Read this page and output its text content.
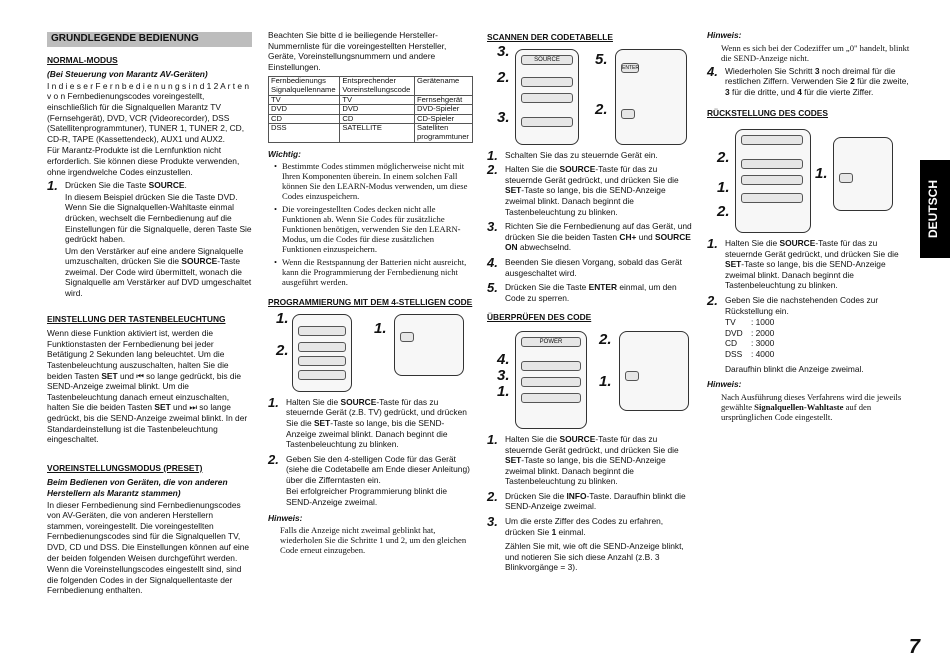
GRUNDLEGENDE BEDIENUNG
NORMAL-MODUS
(Bei Steuerung von Marantz AV-Geräten)

I n d i e s e r F e r n b e d i e n u n g s i n d 1 2 A r t e n v o n Fernbedienungscodes voreingestellt, einschließlich für die Signalquellen Marantz TV (Fernsehgerät), DVD, VCR (Videorecorder), DSS (Satellitenprogrammtuner), TUNER 1, TUNER 2, CD, CD-R, TAPE (Kassettendeck), AUX1 und AUX2.

Für Marantz-Produkte ist die Lernfunktion nicht erforderlich. Sie können diese Produkte verwenden, ohne irgendwelche Codes einzustellen.

1. Drücken Sie die Taste SOURCE.

In diesem Beispiel drücken Sie die Taste DVD. Wenn Sie die Signalquellen-Wahltaste einmal drücken, wechselt die Fernbedienung auf die Einstellungen für die Signalquelle, deren Taste Sie gedrückt haben.

Um den Verstärker auf eine andere Signalquelle umzuschalten, drücken Sie die SOURCE-Taste zweimal. Der Code wird übermittelt, wonach die Signalquelle am Verstärker auf DVD umgeschaltet wird.

EINSTELLUNG DER TASTENBELEUCHTUNG

Wenn diese Funktion aktiviert ist, werden die Funktionstasten der Fernbedienung bei jeder Betätigung 2 Sekunden lang beleuchtet. Um die Tastenbeleuchtung auszuschalten, halten Sie die beiden Tasten SET und ⏮ so lange gedrückt, bis die SEND-Anzeige zweimal blinkt. Um die Tastenbeleuchtung danach erneut einzuschalten, halten Sie die beiden Tasten SET und ⏭ so lange gedrückt, bis die SEND-Anzeige zweimal blinkt. In der Standardeinstellung ist die Tastenbeleuchtung eingeschaltet.

VOREINSTELLUNGSMODUS (PRESET)
Beim Bedienen von Geräten, die von anderen Herstellern als Marantz stammen)

In dieser Fernbedienung sind Fernbedienungscodes von AV-Geräten, die von anderen Herstellern stammen, voreingestellt. Die voreingestellten Fernbedienungscodes sind für die Signalquellen TV, DVD, CD und DSS. Die Einstellungen können auf eine der beiden folgenden Weisen durchgeführt werden.

Wenn die Voreinstellungscodes eingestellt sind, sind die folgenden Codes in der Signalquellentaste der Fernbedienung enthalten.

Beachten Sie bitte d ie beiliegende Hersteller-Nummernliste für die voreingestellten Hersteller, Geräte, Voreinstellungsnummern und andere Einstellungen.

Fernbedienungs Signalquellenname	Entsprechender Voreinstellungscode	Gerätename
TV	TV	Fernsehgerät
DVD	DVD	DVD-Spieler
CD	CD	CD-Spieler
DSS	SATELLITE	Satelliten programmtuner
Wichtig:
• Bestimmte Codes stimmen möglicherweise nicht mit Ihren Komponenten überein. In einem solchen Fall können Sie den LEARN-Modus verwenden, um diese Codes einzuspeichern.
• Die voreingestellten Codes decken nicht alle Funktionen ab. Wenn Sie Codes für zusätzliche Funktionen benötigen, verwenden Sie den LEARN-Modus, um die Codes für diese zusätzlichen Funktionen einzuspeichern.
• Wenn die Restspannung der Batterien nicht ausreicht, kann die Programmierung der Fernbedienung nicht ausgeführt werden.
PROGRAMMIERUNG MIT DEM 4-STELLIGEN CODE
1.
2.
1.
1. Halten Sie die SOURCE-Taste für das zu steuernde Gerät (z.B. TV) gedrückt, und drücken Sie die SET-Taste so lange, bis die SEND-Anzeige zweimal blinkt. Danach beginnt die Tastenbeleuchtung zu blinken.

2. Geben Sie den 4-stelligen Code für das Gerät (siehe die Codetabelle am Ende dieser Anleitung) über die Zifferntasten ein.

Bei erfolgreicher Programmierung blinkt die SEND-Anzeige zweimal.

Hinweis:

Falls die Anzeige nicht zweimal geblinkt hat, wiederholen Sie die Schritte 1 und 2, um den gleichen Code erneut einzugeben.

SCANNEN DER CODETABELLE
SOURCE
ENTER
3.
2.
3.
5.
2.
1. Schalten Sie das zu steuernde Gerät ein.

2. Halten Sie die SOURCE-Taste für das zu steuernde Gerät gedrückt, und drücken Sie die SET-Taste so lange, bis die SEND-Anzeige zweimal blinkt. Danach beginnt die Tastenbeleuchtung zu blinken.

3. Richten Sie die Fernbedienung auf das Gerät, und drücken Sie die beiden Tasten CH+ und SOURCE ON abwechselnd.

4. Beenden Sie diesen Vorgang, sobald das Gerät ausgeschaltet wird.

5. Drücken Sie die Taste ENTER einmal, um den Code zu sperren.

ÜBERPRÜFEN DES CODE
POWER
4.
3.
1.
2.
1.
1. Halten Sie die SOURCE-Taste für das zu steuernde Gerät gedrückt, und drücken Sie die SET-Taste so lange, bis die SEND-Anzeige zweimal blinkt. Danach beginnt die Tastenbeleuchtung zu blinken.

2. Drücken Sie die INFO-Taste. Daraufhin blinkt die SEND-Anzeige zweimal.

3. Um die erste Ziffer des Codes zu erfahren, drücken Sie 1 einmal.

Zählen Sie mit, wie oft die SEND-Anzeige blinkt, und notieren Sie sich diese Anzahl (z.B. 3 Blinkvorgänge = 3).

Hinweis:

Wenn es sich bei der Codeziffer um „0" handelt, blinkt die SEND-Anzeige nicht.

4. Wiederholen Sie Schritt 3 noch dreimal für die restlichen Ziffern. Verwenden Sie 2 für die zweite, 3 für die dritte, und 4 für die vierte Ziffer.

RÜCKSTELLUNG DES CODES
2.
1.
2.
1.
1. Halten Sie die SOURCE-Taste für das zu steuernde Gerät gedrückt, und drücken Sie die SET-Taste so lange, bis die SEND-Anzeige zweimal blinkt. Danach beginnt die Tastenbeleuchtung zu blinken.

2. Geben Sie die nachstehenden Codes zur Rückstellung ein.

TV	: 1000
DVD : 2000
CD	: 3000
DSS	: 4000

Daraufhin blinkt die Anzeige zweimal.

Hinweis:

Nach Ausführung dieses Verfahrens wird die jeweils gewählte Signalquellen-Wahltaste auf den ursprünglichen Code eingestellt.

DEUTSCH
7
